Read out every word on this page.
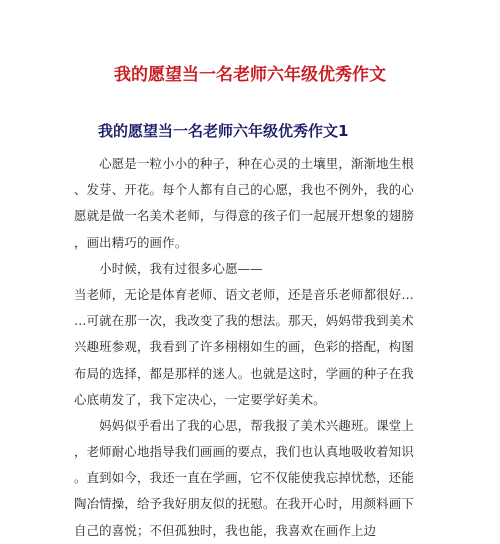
我的愿望当一名老师六年级优秀作文
我的愿望当一名老师六年级优秀作文1
　　心愿是一粒小小的种子，种在心灵的土壤里，渐渐地生根
、发芽、开花。每个人都有自己的心愿，我也不例外，我的心
愿就是做一名美术老师，与得意的孩子们一起展开想象的翅膀
，画出精巧的画作。
　　小时候，我有过很多心愿——
当老师，无论是体育老师、语文老师，还是音乐老师都很好…
…可就在那一次，我改变了我的想法。那天，妈妈带我到美术
兴趣班参观，我看到了许多栩栩如生的画，色彩的搭配，构图
布局的选择，都是那样的迷人。也就是这时，学画的种子在我
心底萌发了，我下定决心，一定要学好美术。
　　妈妈似乎看出了我的心思，帮我报了美术兴趣班。课堂上
，老师耐心地指导我们画画的要点，我们也认真地吸收着知识
。直到如今，我还一直在学画，它不仅能使我忘掉忧愁，还能
陶冶情操，给予我好朋友似的抚慰。在我开心时，用颜料画下
自己的喜悦；不但孤独时，我也能，我喜欢在画作上边
